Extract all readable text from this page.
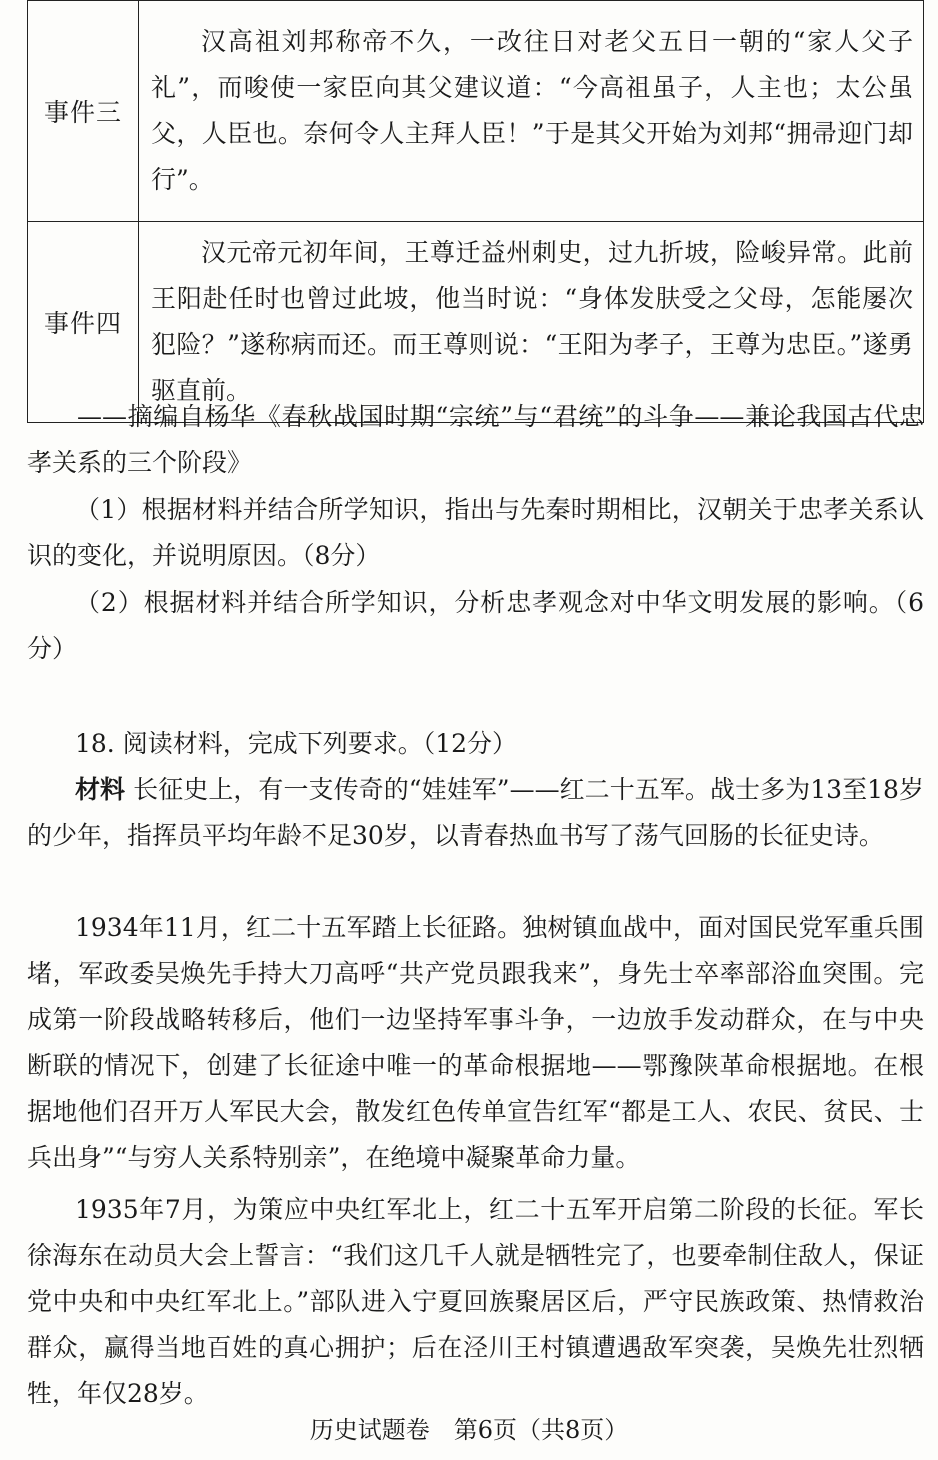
事件三	汉高祖刘邦称帝不久，一改往日对老父五日一朝的“家人父子礼”，而唆使一家臣向其父建议道：“今高祖虽子，人主也；太公虽父，人臣也。奈何令人主拜人臣！”于是其父开始为刘邦“拥帚迎门却行”。
事件四	汉元帝元初年间，王尊迁益州刺史，过九折坡，险峻异常。此前王阳赴任时也曾过此坡，他当时说：“身体发肤受之父母，怎能屡次犯险？”遂称病而还。而王尊则说：“王阳为孝子，王尊为忠臣。”遂勇驱直前。
——摘编自杨华《春秋战国时期“宗统”与“君统”的斗争——兼论我国古代忠孝关系的三个阶段》
（1）根据材料并结合所学知识，指出与先秦时期相比，汉朝关于忠孝关系认识的变化，并说明原因。（8分）
（2）根据材料并结合所学知识，分析忠孝观念对中华文明发展的影响。（6分）
18. 阅读材料，完成下列要求。（12分）
材料 长征史上，有一支传奇的“娃娃军”——红二十五军。战士多为13至18岁的少年，指挥员平均年龄不足30岁，以青春热血书写了荡气回肠的长征史诗。
1934年11月，红二十五军踏上长征路。独树镇血战中，面对国民党军重兵围堵，军政委吴焕先手持大刀高呼“共产党员跟我来”，身先士卒率部浴血突围。完成第一阶段战略转移后，他们一边坚持军事斗争，一边放手发动群众，在与中央断联的情况下，创建了长征途中唯一的革命根据地——鄂豫陕革命根据地。在根据地他们召开万人军民大会，散发红色传单宣告红军“都是工人、农民、贫民、士兵出身”“与穷人关系特别亲”，在绝境中凝聚革命力量。
1935年7月，为策应中央红军北上，红二十五军开启第二阶段的长征。军长徐海东在动员大会上誓言：“我们这几千人就是牺牲完了，也要牵制住敌人，保证党中央和中央红军北上。”部队进入宁夏回族聚居区后，严守民族政策、热情救治群众，赢得当地百姓的真心拥护；后在泾川王村镇遭遇敌军突袭，吴焕先壮烈牺牲，年仅28岁。
历史试题卷　第6页（共8页）
